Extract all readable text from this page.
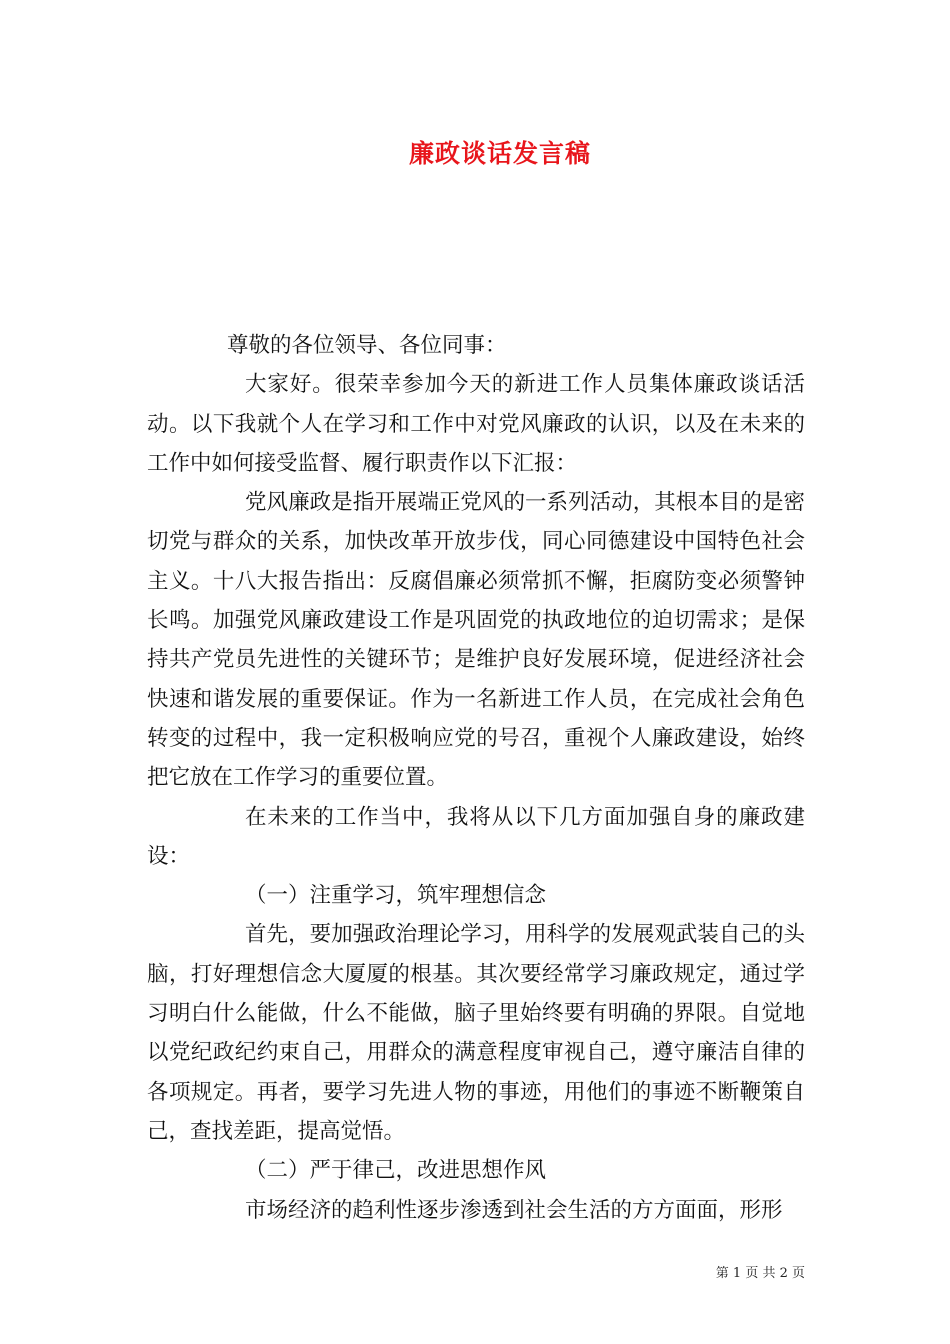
廉政谈话发言稿

尊敬的各位领导、各位同事：

大家好。很荣幸参加今天的新进工作人员集体廉政谈话活动。以下我就个人在学习和工作中对党风廉政的认识，以及在未来的工作中如何接受监督、履行职责作以下汇报：

党风廉政是指开展端正党风的一系列活动，其根本目的是密切党与群众的关系，加快改革开放步伐，同心同德建设中国特色社会主义。十八大报告指出：反腐倡廉必须常抓不懈，拒腐防变必须警钟长鸣。加强党风廉政建设工作是巩固党的执政地位的迫切需求；是保持共产党员先进性的关键环节；是维护良好发展环境，促进经济社会快速和谐发展的重要保证。作为一名新进工作人员，在完成社会角色转变的过程中，我一定积极响应党的号召，重视个人廉政建设，始终把它放在工作学习的重要位置。

在未来的工作当中，我将从以下几方面加强自身的廉政建设：

（一）注重学习，筑牢理想信念

首先，要加强政治理论学习，用科学的发展观武装自己的头脑，打好理想信念大厦厦的根基。其次要经常学习廉政规定，通过学习明白什么能做，什么不能做，脑子里始终要有明确的界限。自觉地以党纪政纪约束自己，用群众的满意程度审视自己，遵守廉洁自律的各项规定。再者，要学习先进人物的事迹，用他们的事迹不断鞭策自己，查找差距，提高觉悟。

（二）严于律己，改进思想作风

市场经济的趋利性逐步渗透到社会生活的方方面面，形形

第 1 页 共 2 页
